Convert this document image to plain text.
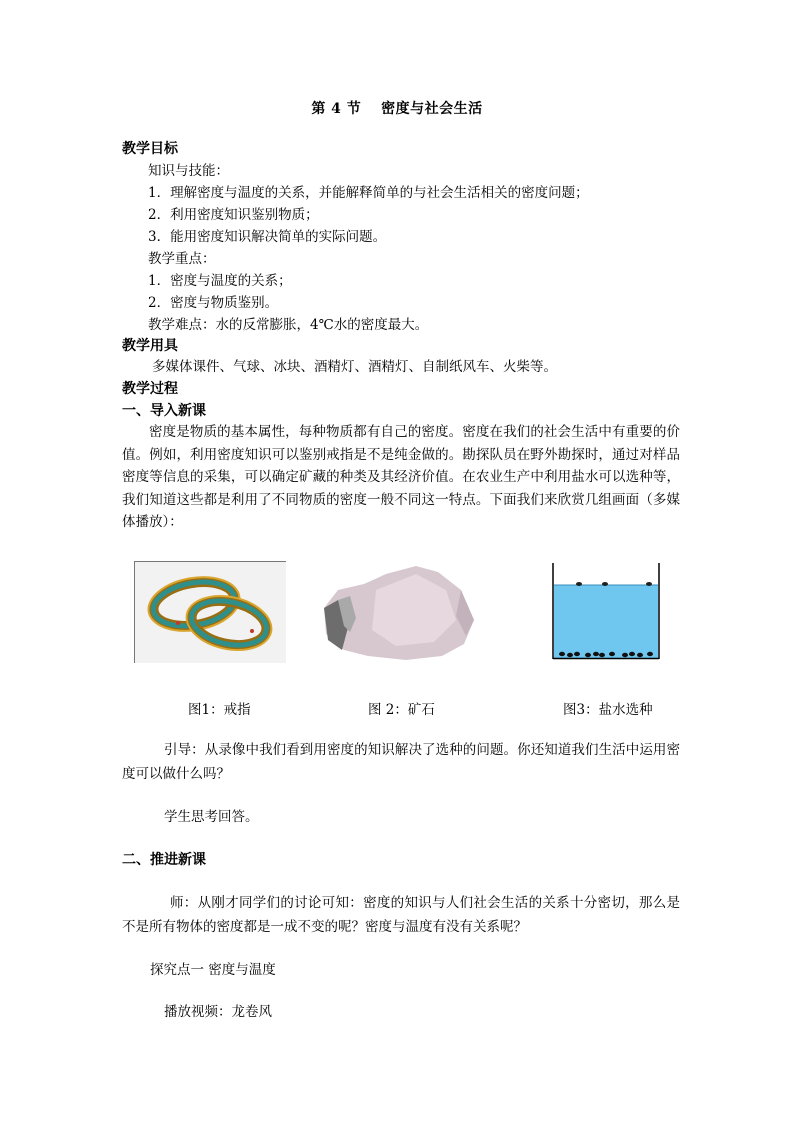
第 4 节　 密度与社会生活
教学目标
知识与技能：
1．理解密度与温度的关系，并能解释简单的与社会生活相关的密度问题；
2．利用密度知识鉴别物质；
3．能用密度知识解决简单的实际问题。
教学重点：
1．密度与温度的关系；
2．密度与物质鉴别。
教学难点：水的反常膨胀，4℃水的密度最大。
教学用具
多媒体课件、气球、冰块、酒精灯、酒精灯、自制纸风车、火柴等。
教学过程
一、导入新课
密度是物质的基本属性，每种物质都有自己的密度。密度在我们的社会生活中有重要的价值。例如，利用密度知识可以鉴别戒指是不是纯金做的。勘探队员在野外勘探时，通过对样品密度等信息的采集，可以确定矿藏的种类及其经济价值。在农业生产中利用盐水可以选种等，我们知道这些都是利用了不同物质的密度一般不同这一特点。下面我们来欣赏几组画面（多媒体播放）：
图1：戒指	图 2：矿石	图3：盐水选种
引导：从录像中我们看到用密度的知识解决了选种的问题。你还知道我们生活中运用密度可以做什么吗？
学生思考回答。
二、推进新课
师：从刚才同学们的讨论可知：密度的知识与人们社会生活的关系十分密切，那么是不是所有物体的密度都是一成不变的呢？密度与温度有没有关系呢？
探究点一 密度与温度
播放视频：龙卷风
